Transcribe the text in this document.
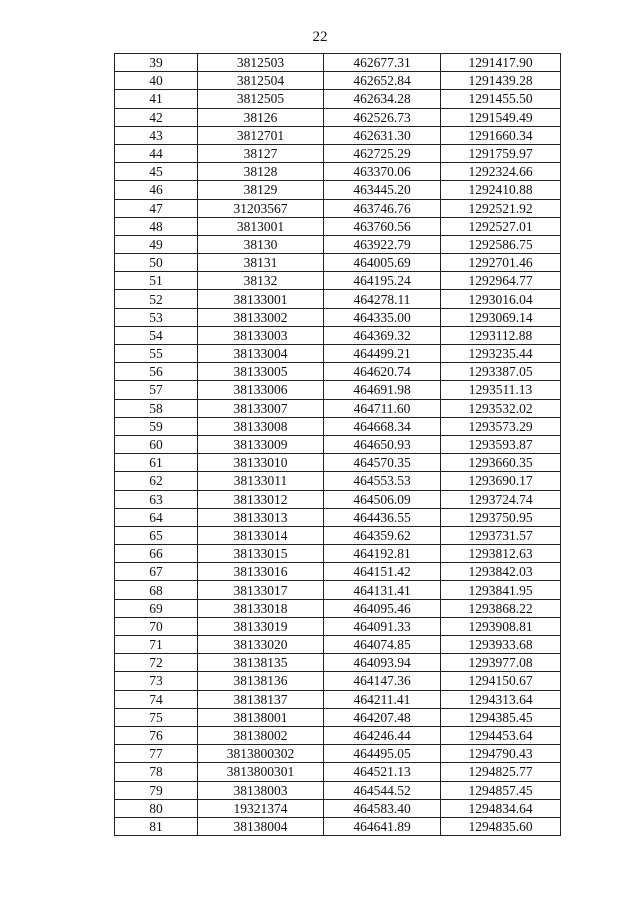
22
39	3812503	462677.31	1291417.90
40	3812504	462652.84	1291439.28
41	3812505	462634.28	1291455.50
42	38126	462526.73	1291549.49
43	3812701	462631.30	1291660.34
44	38127	462725.29	1291759.97
45	38128	463370.06	1292324.66
46	38129	463445.20	1292410.88
47	31203567	463746.76	1292521.92
48	3813001	463760.56	1292527.01
49	38130	463922.79	1292586.75
50	38131	464005.69	1292701.46
51	38132	464195.24	1292964.77
52	38133001	464278.11	1293016.04
53	38133002	464335.00	1293069.14
54	38133003	464369.32	1293112.88
55	38133004	464499.21	1293235.44
56	38133005	464620.74	1293387.05
57	38133006	464691.98	1293511.13
58	38133007	464711.60	1293532.02
59	38133008	464668.34	1293573.29
60	38133009	464650.93	1293593.87
61	38133010	464570.35	1293660.35
62	38133011	464553.53	1293690.17
63	38133012	464506.09	1293724.74
64	38133013	464436.55	1293750.95
65	38133014	464359.62	1293731.57
66	38133015	464192.81	1293812.63
67	38133016	464151.42	1293842.03
68	38133017	464131.41	1293841.95
69	38133018	464095.46	1293868.22
70	38133019	464091.33	1293908.81
71	38133020	464074.85	1293933.68
72	38138135	464093.94	1293977.08
73	38138136	464147.36	1294150.67
74	38138137	464211.41	1294313.64
75	38138001	464207.48	1294385.45
76	38138002	464246.44	1294453.64
77	3813800302	464495.05	1294790.43
78	3813800301	464521.13	1294825.77
79	38138003	464544.52	1294857.45
80	19321374	464583.40	1294834.64
81	38138004	464641.89	1294835.60
